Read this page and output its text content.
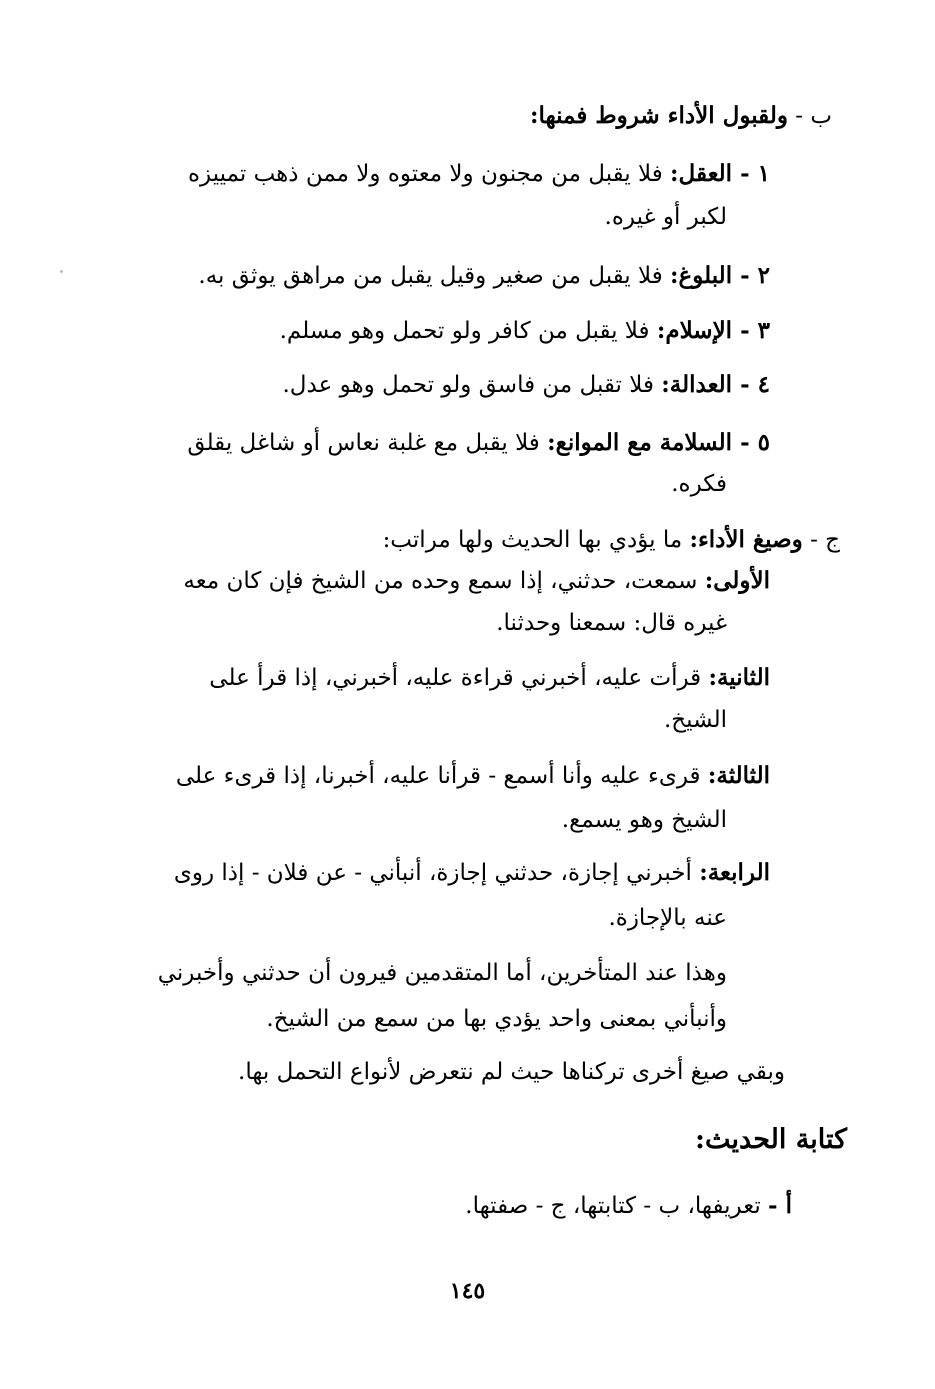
ب - ولقبول الأداء شروط فمنها:
١ - العقل: فلا يقبل من مجنون ولا معتوه ولا ممن ذهب تمييزه
لكبر أو غيره.
٢ - البلوغ: فلا يقبل من صغير وقيل يقبل من مراهق يوثق به.
٣ - الإسلام: فلا يقبل من كافر ولو تحمل وهو مسلم.
٤ - العدالة: فلا تقبل من فاسق ولو تحمل وهو عدل.
٥ - السلامة مع الموانع: فلا يقبل مع غلبة نعاس أو شاغل يقلق
فكره.
ج - وصيغ الأداء: ما يؤدي بها الحديث ولها مراتب:
الأولى: سمعت، حدثني، إذا سمع وحده من الشيخ فإن كان معه
غيره قال: سمعنا وحدثنا.
الثانية: قرأت عليه، أخبرني قراءة عليه، أخبرني، إذا قرأ على
الشيخ.
الثالثة: قرىء عليه وأنا أسمع - قرأنا عليه، أخبرنا، إذا قرىء على
الشيخ وهو يسمع.
الرابعة: أخبرني إجازة، حدثني إجازة، أنبأني - عن فلان - إذا روى
عنه بالإجازة.
وهذا عند المتأخرين، أما المتقدمين فيرون أن حدثني وأخبرني
وأنبأني بمعنى واحد يؤدي بها من سمع من الشيخ.
وبقي صيغ أخرى تركناها حيث لم نتعرض لأنواع التحمل بها.
كتابة الحديث:
أ - تعريفها، ب - كتابتها، ج - صفتها.
١٤٥
